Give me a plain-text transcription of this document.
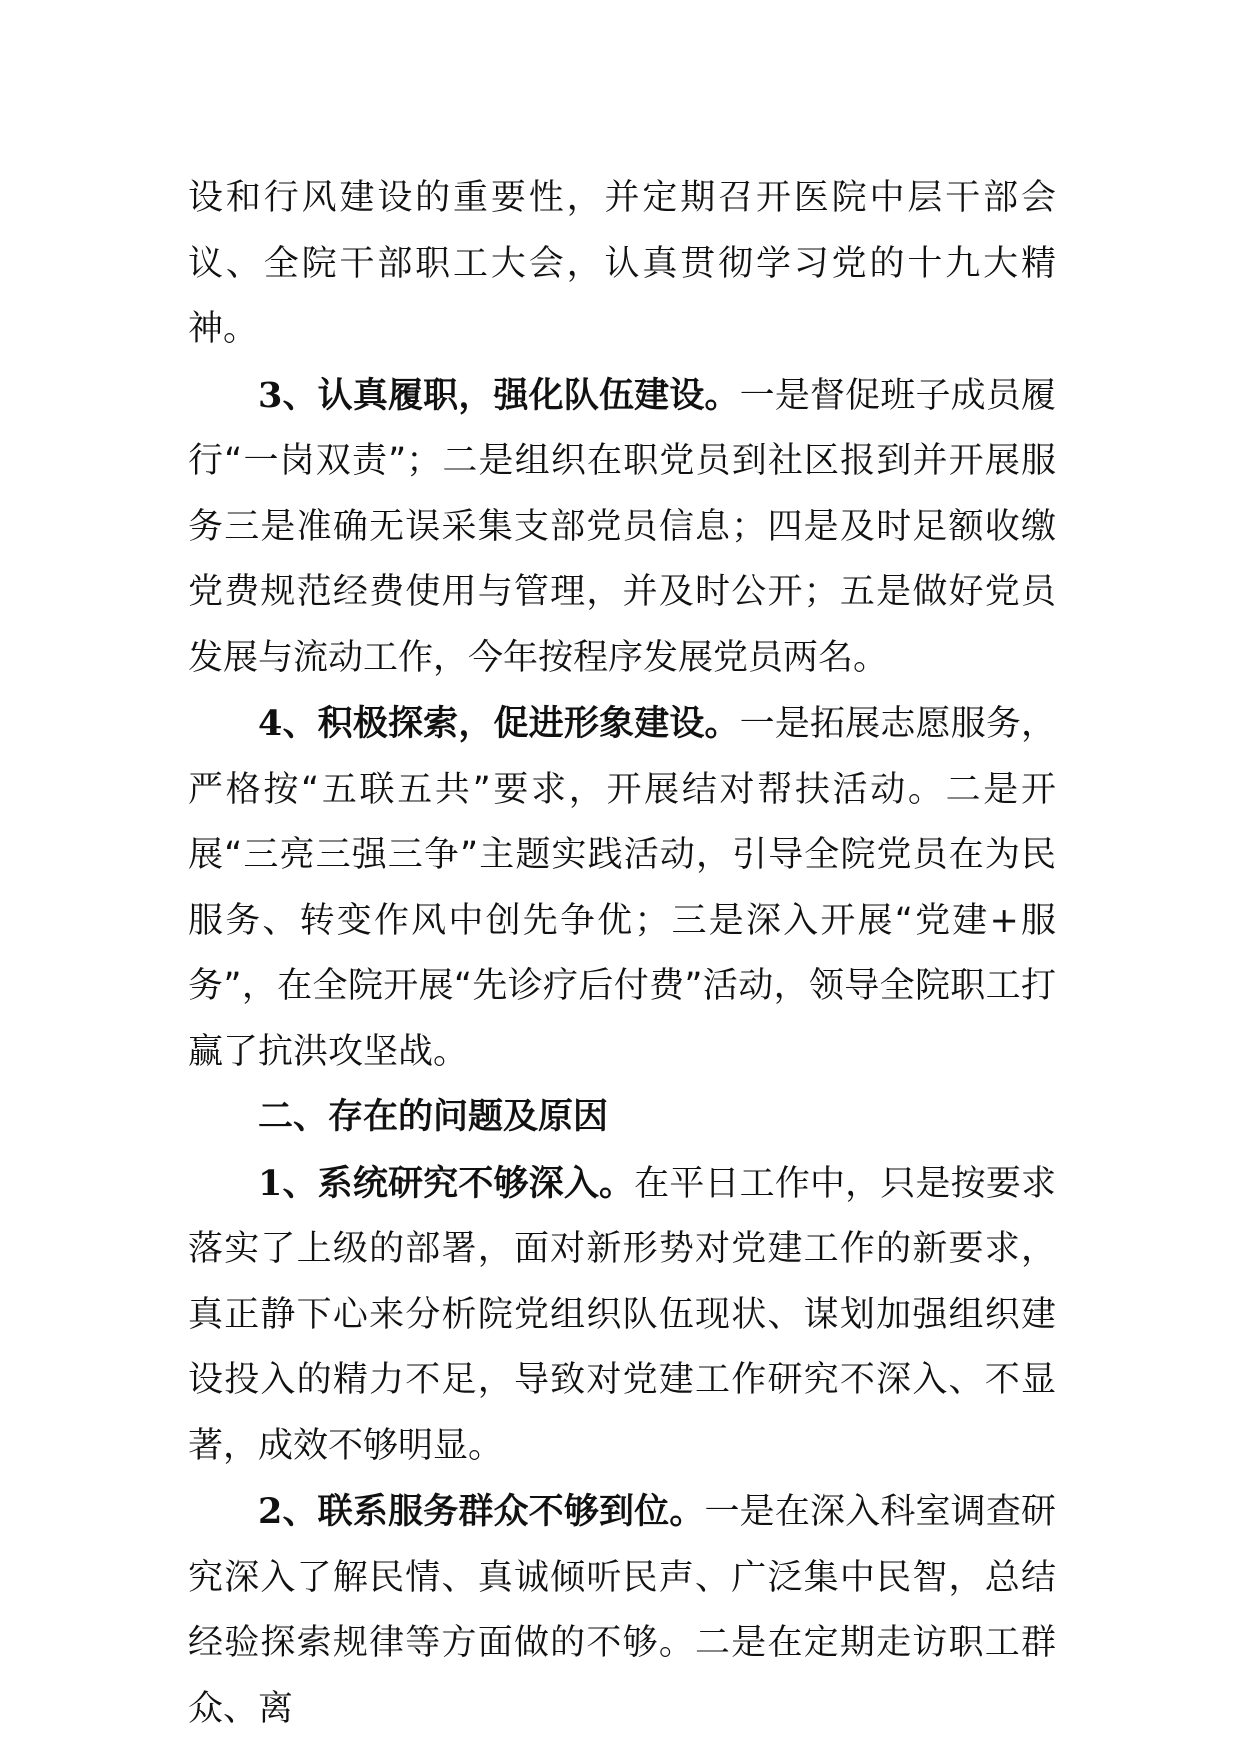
设和行风建设的重要性，并定期召开医院中层干部会议、全院干部职工大会，认真贯彻学习党的十九大精神。

3、认真履职，强化队伍建设。一是督促班子成员履行“一岗双责”；二是组织在职党员到社区报到并开展服务三是准确无误采集支部党员信息；四是及时足额收缴党费规范经费使用与管理，并及时公开；五是做好党员发展与流动工作，今年按程序发展党员两名。

4、积极探索，促进形象建设。一是拓展志愿服务，严格按“五联五共”要求，开展结对帮扶活动。二是开展“三亮三强三争”主题实践活动，引导全院党员在为民服务、转变作风中创先争优；三是深入开展“党建+服务”，在全院开展“先诊疗后付费”活动，领导全院职工打赢了抗洪攻坚战。

二、存在的问题及原因

1、系统研究不够深入。在平日工作中，只是按要求落实了上级的部署，面对新形势对党建工作的新要求，真正静下心来分析院党组织队伍现状、谋划加强组织建设投入的精力不足，导致对党建工作研究不深入、不显著，成效不够明显。

2、联系服务群众不够到位。一是在深入科室调查研究深入了解民情、真诚倾听民声、广泛集中民智，总结经验探索规律等方面做的不够。二是在定期走访职工群众、离
